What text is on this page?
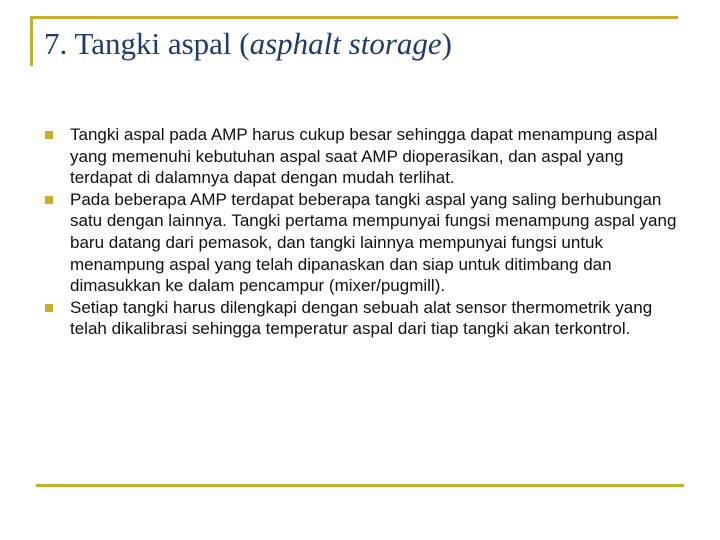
7. Tangki aspal (asphalt storage)
Tangki aspal pada AMP harus cukup besar sehingga dapat menampung aspal yang memenuhi kebutuhan aspal saat AMP dioperasikan, dan aspal yang terdapat di dalamnya dapat dengan mudah terlihat.
Pada beberapa AMP terdapat beberapa tangki aspal yang saling berhubungan satu dengan lainnya. Tangki pertama mempunyai fungsi menampung aspal yang baru datang dari pemasok, dan tangki lainnya mempunyai fungsi untuk menampung aspal yang telah dipanaskan dan siap untuk ditimbang dan dimasukkan ke dalam pencampur (mixer/pugmill).
Setiap tangki harus dilengkapi dengan sebuah alat sensor thermometrik yang telah dikalibrasi sehingga temperatur aspal dari tiap tangki akan terkontrol.
